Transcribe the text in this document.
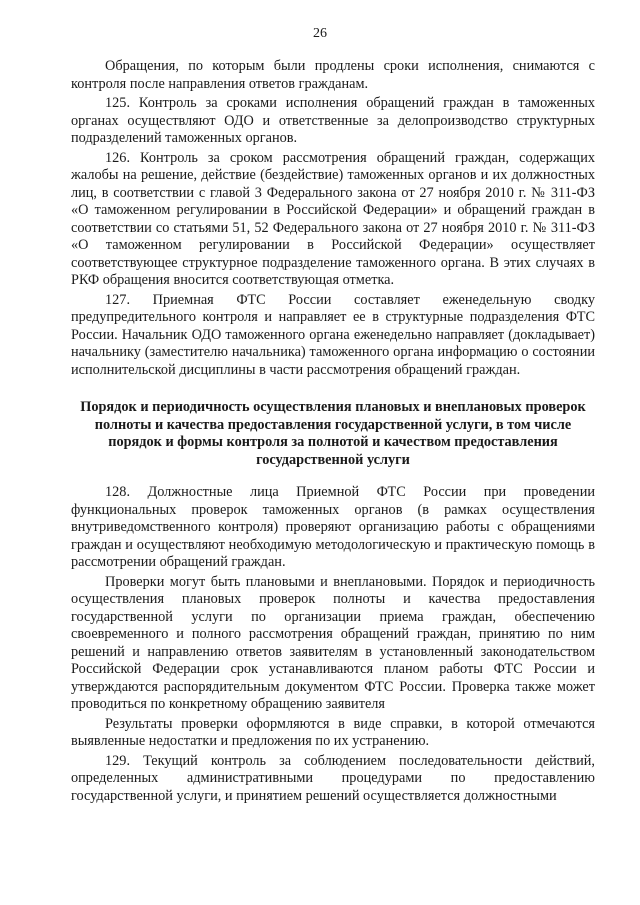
26

Обращения, по которым были продлены сроки исполнения, снимаются с контроля после направления ответов гражданам.

125. Контроль за сроками исполнения обращений граждан в таможенных органах осуществляют ОДО и ответственные за делопроизводство структурных подразделений таможенных органов.

126. Контроль за сроком рассмотрения обращений граждан, содержащих жалобы на решение, действие (бездействие) таможенных органов и их должностных лиц, в соответствии с главой 3 Федерального закона от 27 ноября 2010 г. № 311-ФЗ «О таможенном регулировании в Российской Федерации» и обращений граждан в соответствии со статьями 51, 52 Федерального закона от 27 ноября 2010 г. № 311-ФЗ «О таможенном регулировании в Российской Федерации» осуществляет соответствующее структурное подразделение таможенного органа. В этих случаях в РКФ обращения вносится соответствующая отметка.

127. Приемная ФТС России составляет еженедельную сводку предупредительного контроля и направляет ее в структурные подразделения ФТС России. Начальник ОДО таможенного органа еженедельно направляет (докладывает) начальнику (заместителю начальника) таможенного органа информацию о состоянии исполнительской дисциплины в части рассмотрения обращений граждан.

Порядок и периодичность осуществления плановых и внеплановых проверок полноты и качества предоставления государственной услуги, в том числе порядок и формы контроля за полнотой и качеством предоставления государственной услуги

128. Должностные лица Приемной ФТС России при проведении функциональных проверок таможенных органов (в рамках осуществления внутриведомственного контроля) проверяют организацию работы с обращениями граждан и осуществляют необходимую методологическую и практическую помощь в рассмотрении обращений граждан.

Проверки могут быть плановыми и внеплановыми. Порядок и периодичность осуществления плановых проверок полноты и качества предоставления государственной услуги по организации приема граждан, обеспечению своевременного и полного рассмотрения обращений граждан, принятию по ним решений и направлению ответов заявителям в установленный законодательством Российской Федерации срок устанавливаются планом работы ФТС России и утверждаются распорядительным документом ФТС России. Проверка также может проводиться по конкретному обращению заявителя

Результаты проверки оформляются в виде справки, в которой отмечаются выявленные недостатки и предложения по их устранению.

129. Текущий контроль за соблюдением последовательности действий, определенных административными процедурами по предоставлению государственной услуги, и принятием решений осуществляется должностными
